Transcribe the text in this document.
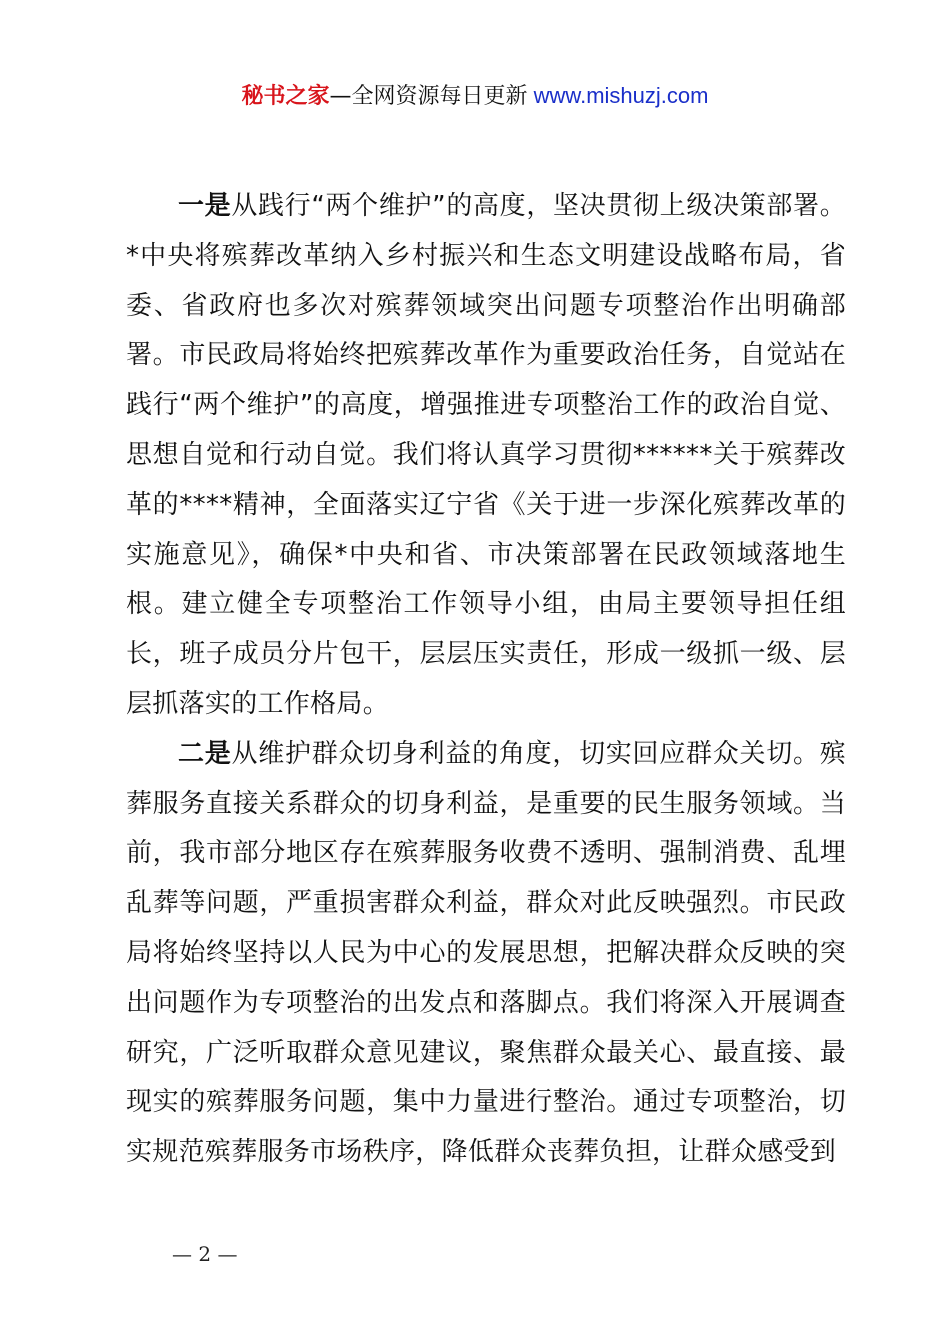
秘书之家—全网资源每日更新 www.mishuzj.com

一是从践行“两个维护”的高度，坚决贯彻上级决策部署。*中央将殡葬改革纳入乡村振兴和生态文明建设战略布局，省委、省政府也多次对殡葬领域突出问题专项整治作出明确部署。市民政局将始终把殡葬改革作为重要政治任务，自觉站在践行“两个维护”的高度，增强推进专项整治工作的政治自觉、思想自觉和行动自觉。我们将认真学习贯彻******关于殡葬改革的****精神，全面落实辽宁省《关于进一步深化殡葬改革的实施意见》，确保*中央和省、市决策部署在民政领域落地生根。建立健全专项整治工作领导小组，由局主要领导担任组长，班子成员分片包干，层层压实责任，形成一级抓一级、层层抓落实的工作格局。

二是从维护群众切身利益的角度，切实回应群众关切。殡葬服务直接关系群众的切身利益，是重要的民生服务领域。当前，我市部分地区存在殡葬服务收费不透明、强制消费、乱埋乱葬等问题，严重损害群众利益，群众对此反映强烈。市民政局将始终坚持以人民为中心的发展思想，把解决群众反映的突出问题作为专项整治的出发点和落脚点。我们将深入开展调查研究，广泛听取群众意见建议，聚焦群众最关心、最直接、最现实的殡葬服务问题，集中力量进行整治。通过专项整治，切实规范殡葬服务市场秩序，降低群众丧葬负担，让群众感受到

— 2 —
